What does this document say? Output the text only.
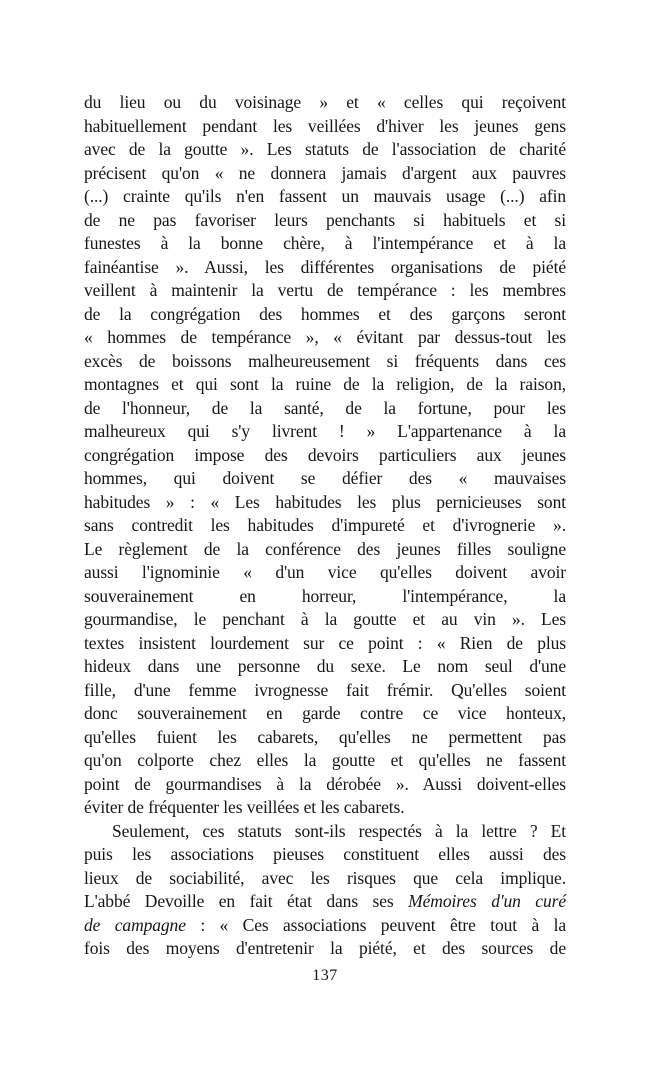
du lieu ou du voisinage » et « celles qui reçoivent
habituellement pendant les veillées d'hiver les jeunes gens
avec de la goutte ». Les statuts de l'association de charité
précisent qu'on « ne donnera jamais d'argent aux pauvres
(...) crainte qu'ils n'en fassent un mauvais usage (...) afin
de ne pas favoriser leurs penchants si habituels et si
funestes à la bonne chère, à l'intempérance et à la
fainéantise ». Aussi, les différentes organisations de piété
veillent à maintenir la vertu de tempérance : les membres
de la congrégation des hommes et des garçons seront
« hommes de tempérance », « évitant par dessus-tout les
excès de boissons malheureusement si fréquents dans ces
montagnes et qui sont la ruine de la religion, de la raison,
de l'honneur, de la santé, de la fortune, pour les
malheureux qui s'y livrent ! » L'appartenance à la
congrégation impose des devoirs particuliers aux jeunes
hommes, qui doivent se défier des « mauvaises
habitudes » : « Les habitudes les plus pernicieuses sont
sans contredit les habitudes d'impureté et d'ivrognerie ».
Le règlement de la conférence des jeunes filles souligne
aussi l'ignominie « d'un vice qu'elles doivent avoir
souverainement en horreur, l'intempérance, la
gourmandise, le penchant à la goutte et au vin ». Les
textes insistent lourdement sur ce point : « Rien de plus
hideux dans une personne du sexe. Le nom seul d'une
fille, d'une femme ivrognesse fait frémir. Qu'elles soient
donc souverainement en garde contre ce vice honteux,
qu'elles fuient les cabarets, qu'elles ne permettent pas
qu'on colporte chez elles la goutte et qu'elles ne fassent
point de gourmandises à la dérobée ». Aussi doivent-elles
éviter de fréquenter les veillées et les cabarets.
Seulement, ces statuts sont-ils respectés à la lettre ? Et
puis les associations pieuses constituent elles aussi des
lieux de sociabilité, avec les risques que cela implique.
L'abbé Devoille en fait état dans ses Mémoires d'un curé
de campagne : « Ces associations peuvent être tout à la
fois des moyens d'entretenir la piété, et des sources de
137
